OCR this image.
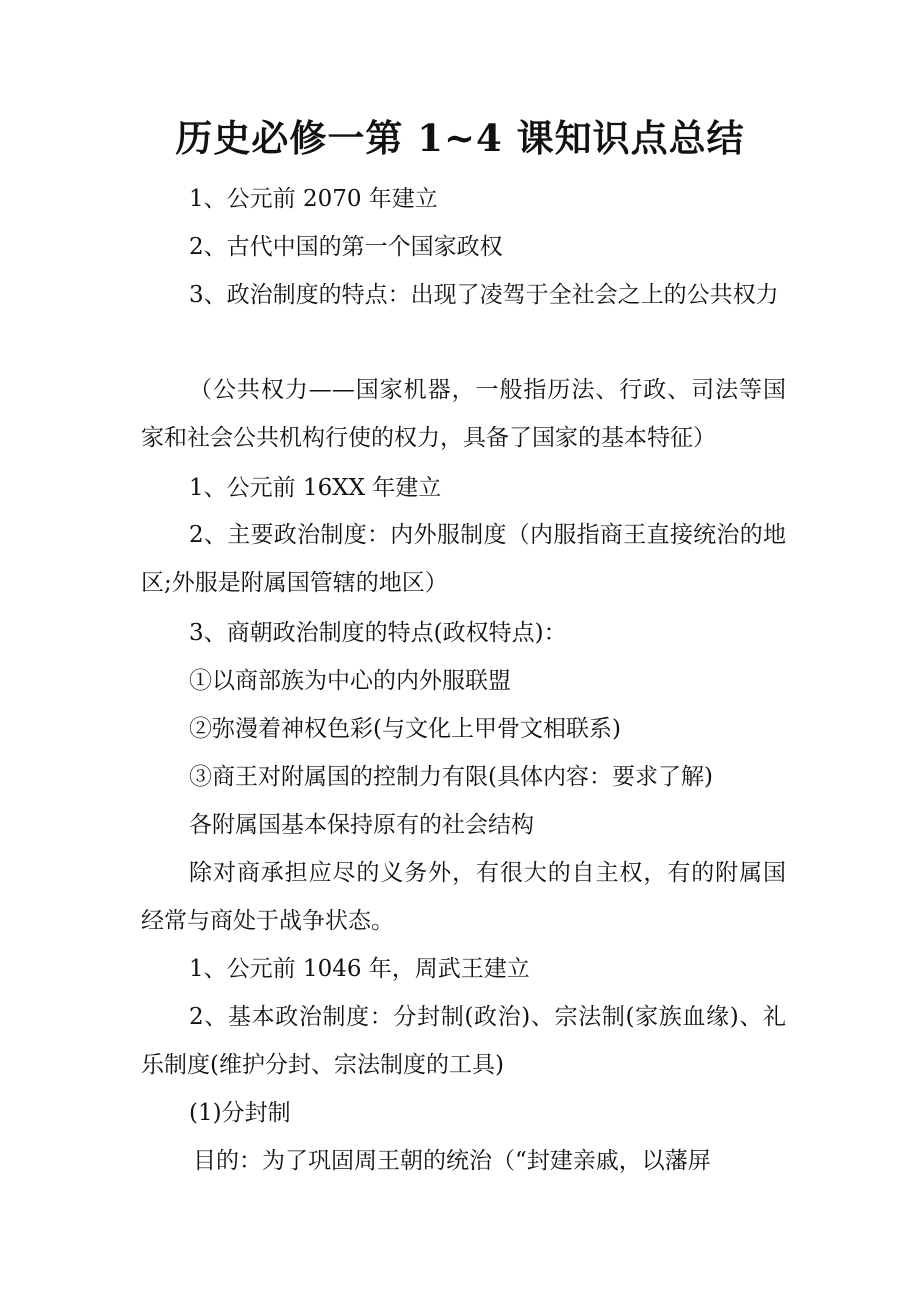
历史必修一第 1~4 课知识点总结

1、公元前 2070 年建立

2、古代中国的第一个国家政权

3、政治制度的特点：出现了凌驾于全社会之上的公共权力

（公共权力——国家机器，一般指历法、行政、司法等国家和社会公共机构行使的权力，具备了国家的基本特征）

1、公元前 16XX 年建立

2、主要政治制度：内外服制度（内服指商王直接统治的地区;外服是附属国管辖的地区）

3、商朝政治制度的特点(政权特点)：

①以商部族为中心的内外服联盟

②弥漫着神权色彩(与文化上甲骨文相联系)

③商王对附属国的控制力有限(具体内容：要求了解)

各附属国基本保持原有的社会结构

除对商承担应尽的义务外，有很大的自主权，有的附属国经常与商处于战争状态。

1、公元前 1046 年，周武王建立

2、基本政治制度：分封制(政治)、宗法制(家族血缘)、礼乐制度(维护分封、宗法制度的工具)

(1)分封制

目的：为了巩固周王朝的统治（“封建亲戚，以藩屏
